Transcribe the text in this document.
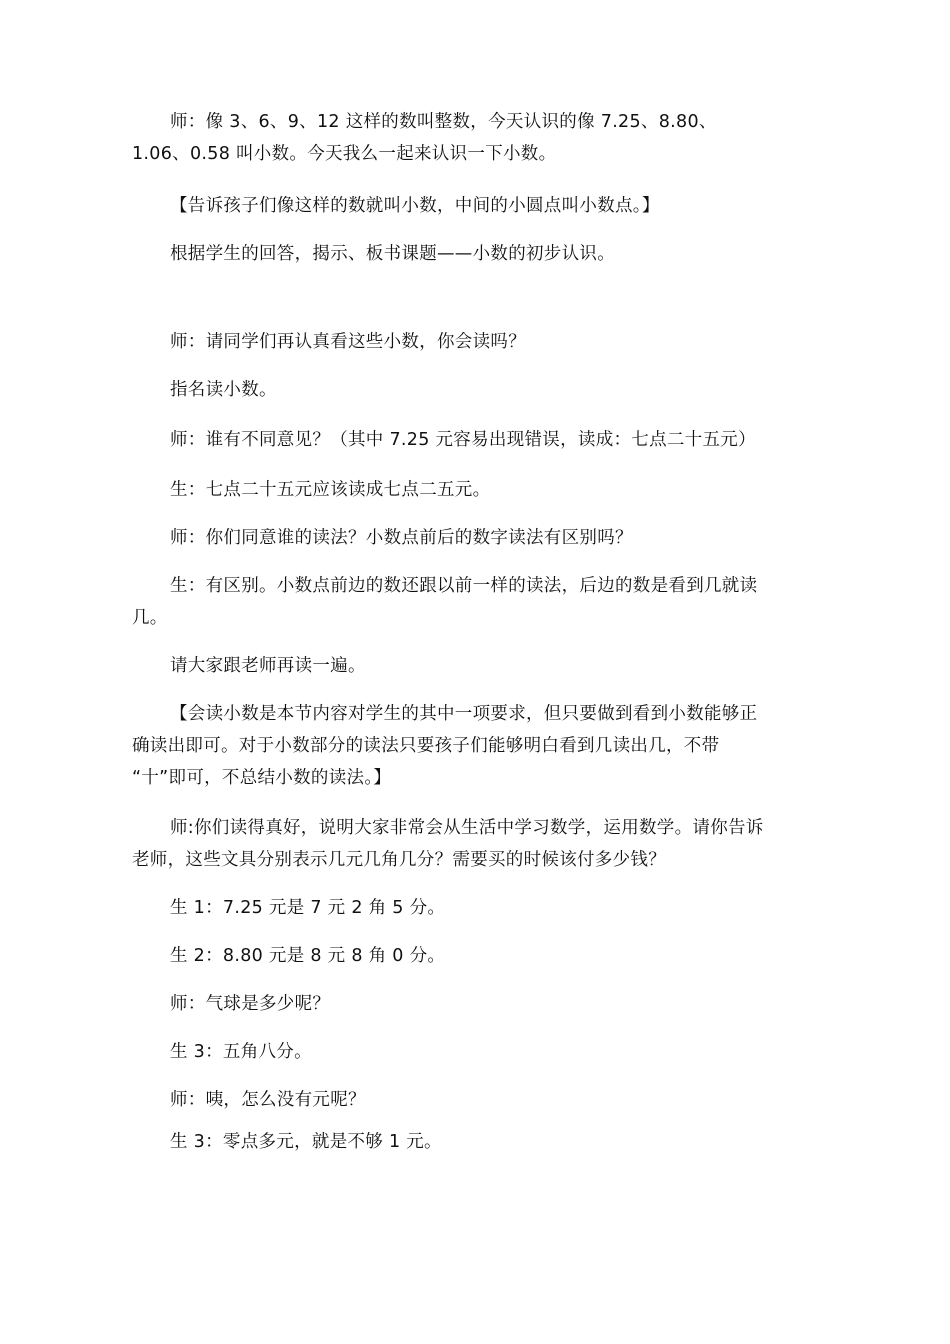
师：像 3、6、9、12 这样的数叫整数，今天认识的像 7.25、8.80、
1.06、0.58 叫小数。今天我么一起来认识一下小数。
【告诉孩子们像这样的数就叫小数，中间的小圆点叫小数点。】
根据学生的回答，揭示、板书课题——小数的初步认识。
师：请同学们再认真看这些小数，你会读吗？
指名读小数。
师：谁有不同意见？（其中 7.25 元容易出现错误，读成：七点二十五元）
生：七点二十五元应该读成七点二五元。
师：你们同意谁的读法？小数点前后的数字读法有区别吗？
生：有区别。小数点前边的数还跟以前一样的读法，后边的数是看到几就读
几。
请大家跟老师再读一遍。
【会读小数是本节内容对学生的其中一项要求，但只要做到看到小数能够正
确读出即可。对于小数部分的读法只要孩子们能够明白看到几读出几，不带
“十”即可，不总结小数的读法。】
师:你们读得真好，说明大家非常会从生活中学习数学，运用数学。请你告诉
老师，这些文具分别表示几元几角几分？需要买的时候该付多少钱？
生 1：7.25 元是 7 元 2 角 5 分。
生 2：8.80 元是 8 元 8 角 0 分。
师：气球是多少呢？
生 3：五角八分。
师：咦，怎么没有元呢？
生 3：零点多元，就是不够 1 元。
